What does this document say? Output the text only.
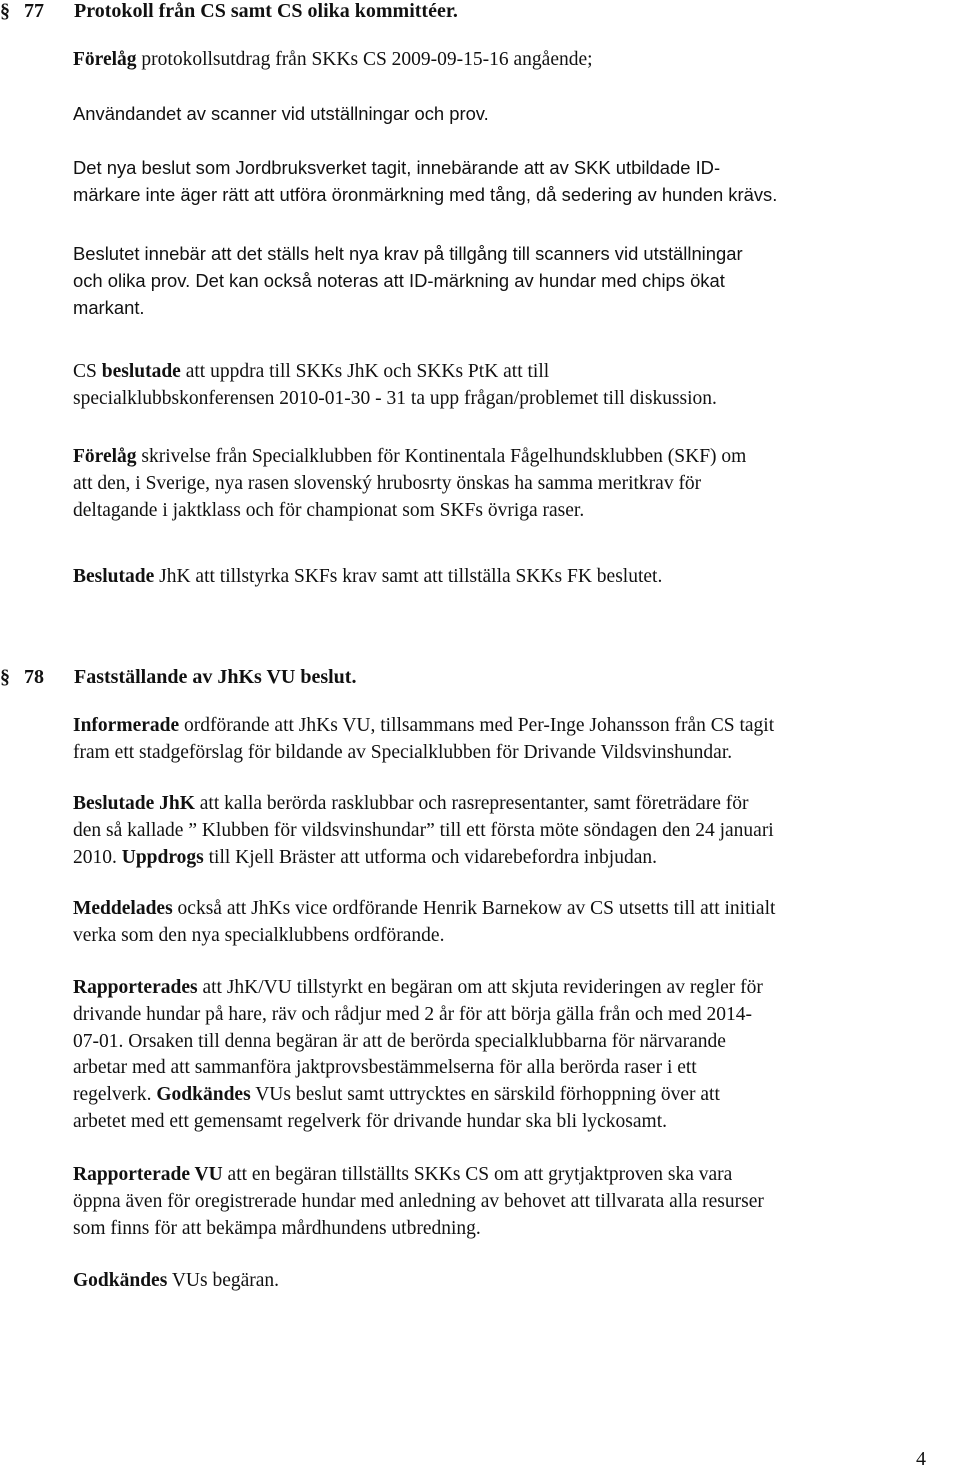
§ 77 Protokoll från CS samt CS olika kommittéer.

Förelåg protokollsutdrag från SKKs CS 2009-09-15-16 angående;

Användandet av scanner vid utställningar och prov.

Det nya beslut som Jordbruksverket tagit, innebärande att av SKK utbildade ID-
märkare inte äger rätt att utföra öronmärkning med tång, då sedering av hunden krävs.

Beslutet innebär att det ställs helt nya krav på tillgång till scanners vid utställningar
och olika prov. Det kan också noteras att ID-märkning av hundar med chips ökat
markant.

CS beslutade att uppdra till SKKs JhK och SKKs PtK att till
specialklubbskonferensen 2010-01-30 - 31 ta upp frågan/problemet till diskussion.

Förelåg skrivelse från Specialklubben för Kontinentala Fågelhundsklubben (SKF) om
att den, i Sverige, nya rasen slovenský hrubosrty önskas ha samma meritkrav för
deltagande i jaktklass och för championat som SKFs övriga raser.

Beslutade JhK att tillstyrka SKFs krav samt att tillställa SKKs FK beslutet.

§ 78 Fastställande av JhKs VU beslut.

Informerade ordförande att JhKs VU, tillsammans med Per-Inge Johansson från CS tagit
fram ett stadgeförslag för bildande av Specialklubben för Drivande Vildsvinshundar.

Beslutade JhK att kalla berörda rasklubbar och rasrepresentanter, samt företrädare för
den så kallade ” Klubben för vildsvinshundar” till ett första möte söndagen den 24 januari
2010. Uppdrogs till Kjell Bräster att utforma och vidarebefordra inbjudan.

Meddelades också att JhKs vice ordförande Henrik Barnekow av CS utsetts till att initialt
verka som den nya specialklubbens ordförande.

Rapporterades att JhK/VU tillstyrkt en begäran om att skjuta revideringen av regler för
drivande hundar på hare, räv och rådjur med 2 år för att börja gälla från och med 2014-
07-01. Orsaken till denna begäran är att de berörda specialklubbarna för närvarande
arbetar med att sammanföra jaktprovsbestämmelserna för alla berörda raser i ett
regelverk. Godkändes VUs beslut samt uttrycktes en särskild förhoppning över att
arbetet med ett gemensamt regelverk för drivande hundar ska bli lyckosamt.

Rapporterade VU att en begäran tillställts SKKs CS om att grytjaktproven ska vara
öppna även för oregistrerade hundar med anledning av behovet att tillvarata alla resurser
som finns för att bekämpa mårdhundens utbredning.

Godkändes VUs begäran.

4
